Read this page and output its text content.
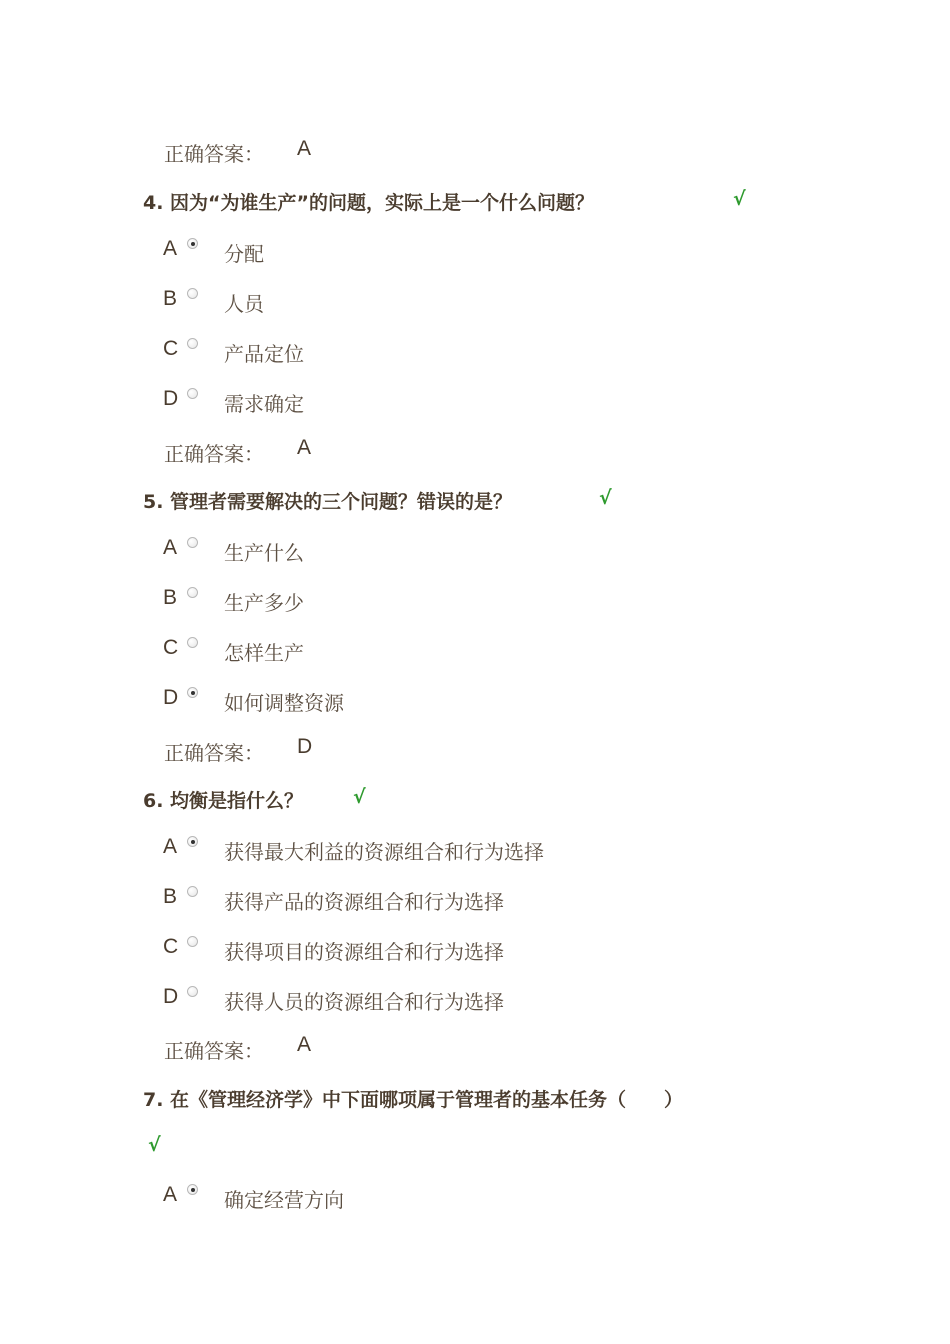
正确答案： A
4. 因为“为谁生产”的问题，实际上是一个什么问题？	√
A 分配
B 人员
C 产品定位
D 需求确定
正确答案： A
5. 管理者需要解决的三个问题？错误的是？	√
A 生产什么
B 生产多少
C 怎样生产
D 如何调整资源
正确答案： D
6. 均衡是指什么？	√
A 获得最大利益的资源组合和行为选择
B 获得产品的资源组合和行为选择
C 获得项目的资源组合和行为选择
D 获得人员的资源组合和行为选择
正确答案： A
7. 在《管理经济学》中下面哪项属于管理者的基本任务（　　）
√
A 确定经营方向
